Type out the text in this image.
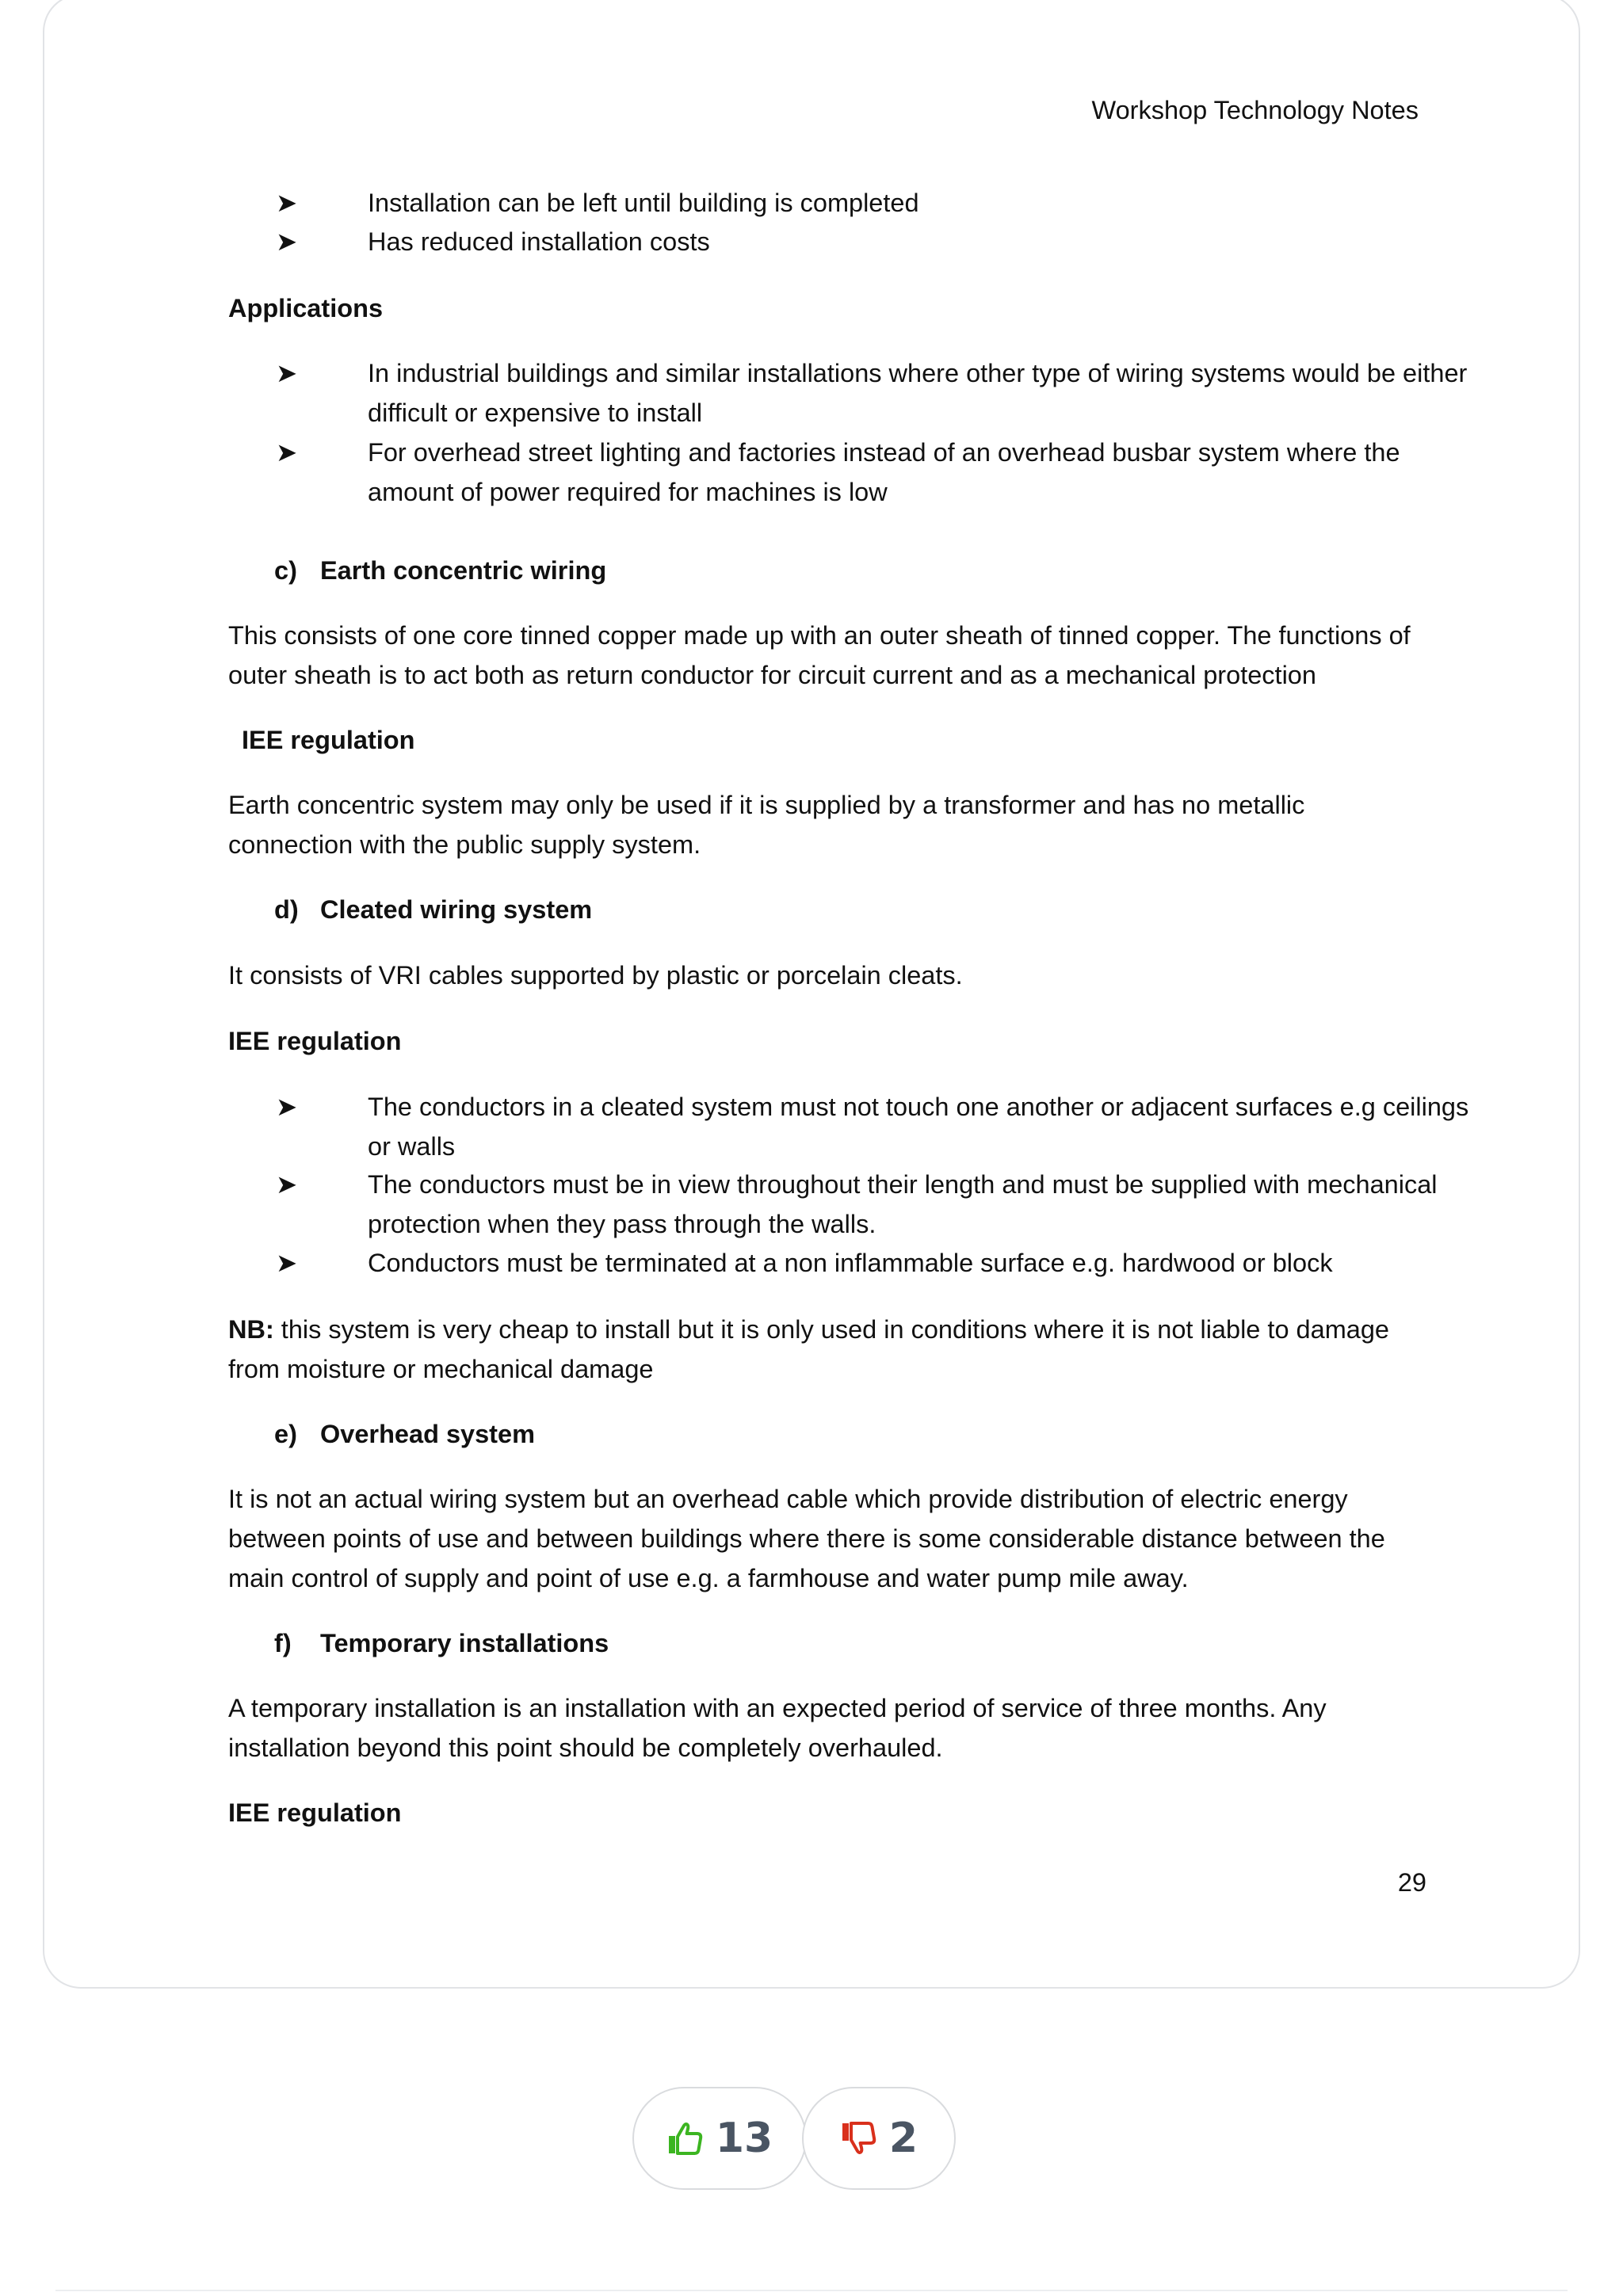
Workshop Technology Notes
➤	Installation can be left until building is completed
➤	Has reduced installation costs

Applications

➤	In industrial buildings and similar installations where other type of wiring systems would be either difficult or expensive to install
➤	For overhead street lighting and factories instead of an overhead busbar system where the amount of power required for machines is low
c) Earth concentric wiring

This consists of one core tinned copper made up with an outer sheath of tinned copper. The functions of outer sheath is to act both as return conductor for circuit current and as a mechanical protection

IEE regulation

Earth concentric system may only be used if it is supplied by a transformer and has no metallic connection with the public supply system.

d) Cleated wiring system

It consists of VRI cables supported by plastic or porcelain cleats.

IEE regulation

➤	The conductors in a cleated system must not touch one another or adjacent surfaces e.g ceilings or walls
➤	The conductors must be in view throughout their length and must be supplied with mechanical protection when they pass through the walls.
➤	Conductors must be terminated at a non inflammable surface e.g. hardwood or block

NB: this system is very cheap to install but it is only used in conditions where it is not liable to damage from moisture or mechanical damage

e) Overhead system

It is not an actual wiring system but an overhead cable which provide distribution of electric energy between points of use and between buildings where there is some considerable distance between the main control of supply and point of use e.g. a farmhouse and water pump mile away.

f) Temporary installations

A temporary installation is an installation with an expected period of service of three months. Any installation beyond this point should be completely overhauled.

IEE regulation

29
13	2
